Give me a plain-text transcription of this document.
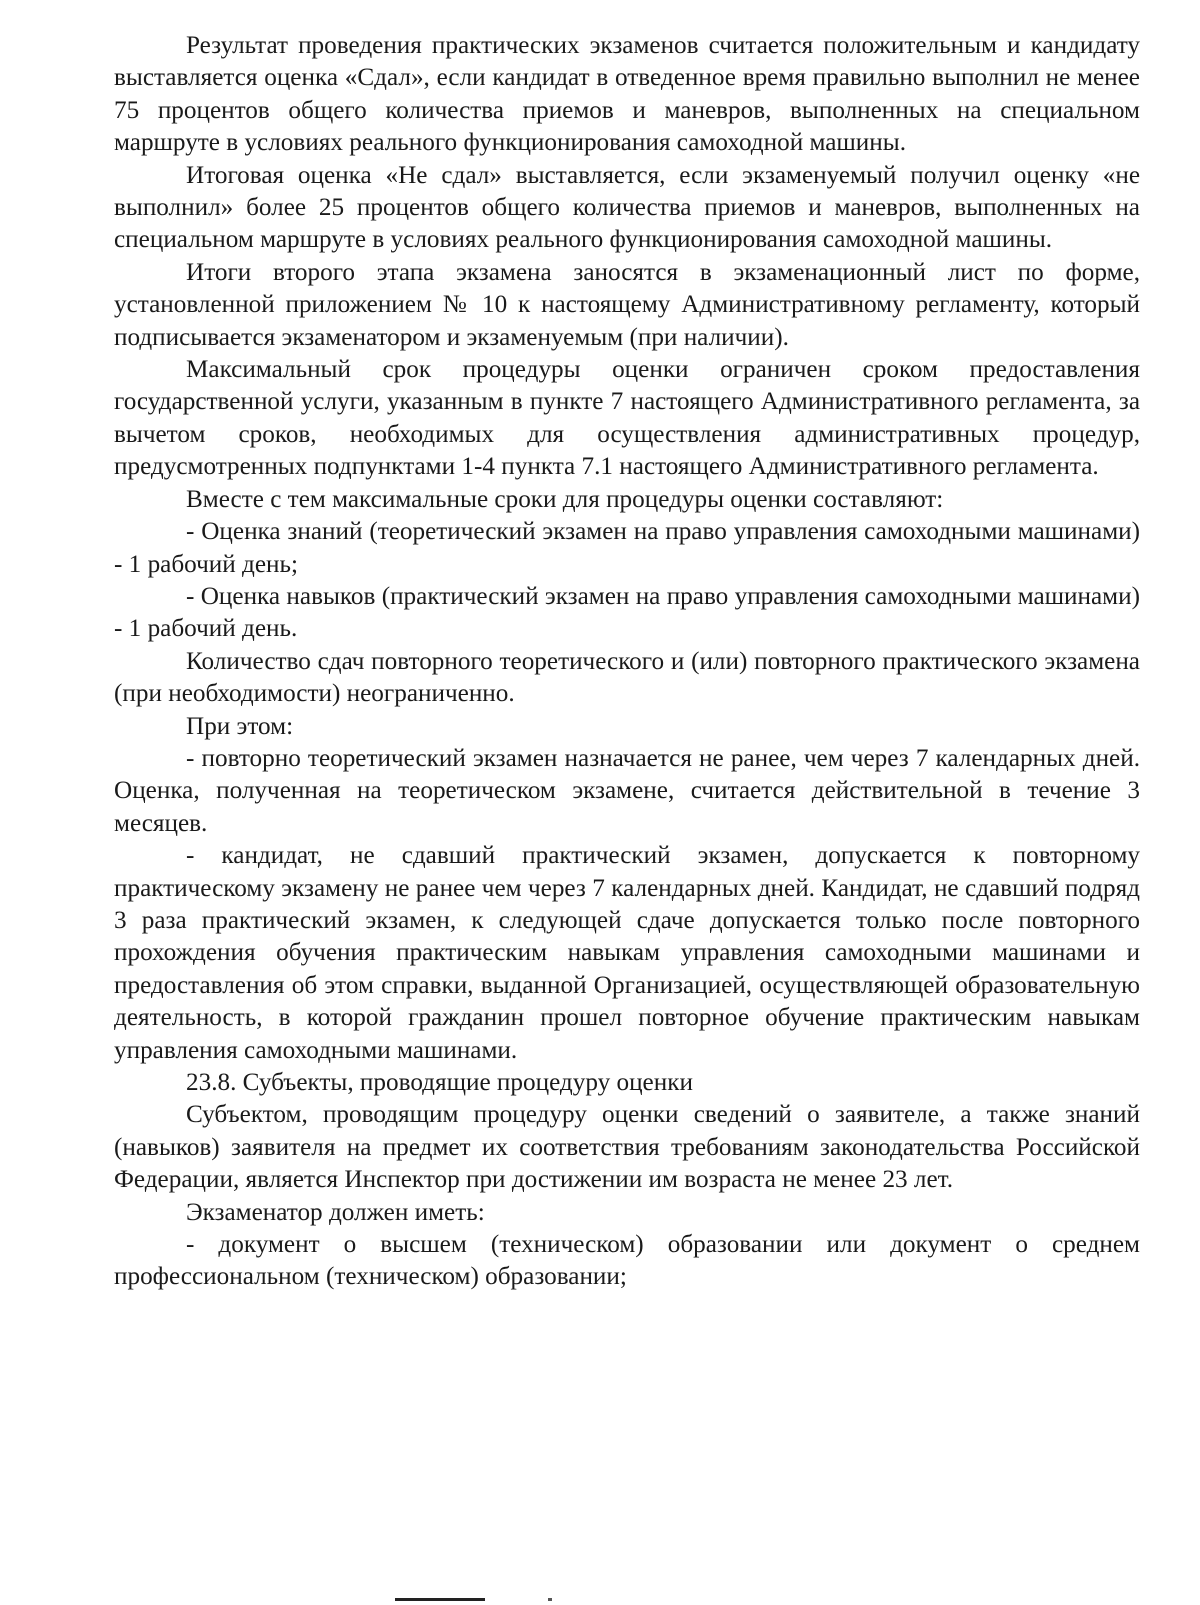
Результат проведения практических экзаменов считается положительным и кандидату выставляется оценка «Сдал», если кандидат в отведенное время правильно выполнил не менее 75 процентов общего количества приемов и маневров, выполненных на специальном маршруте в условиях реального функционирования самоходной машины.

Итоговая оценка «Не сдал» выставляется, если экзаменуемый получил оценку «не выполнил» более 25 процентов общего количества приемов и маневров, выполненных на специальном маршруте в условиях реального функционирования самоходной машины.

Итоги второго этапа экзамена заносятся в экзаменационный лист по форме, установленной приложением № 10 к настоящему Административному регламенту, который подписывается экзаменатором и экзаменуемым (при наличии).

Максимальный срок процедуры оценки ограничен сроком предоставления государственной услуги, указанным в пункте 7 настоящего Административного регламента, за вычетом сроков, необходимых для осуществления административных процедур, предусмотренных подпунктами 1-4 пункта 7.1 настоящего Административного регламента.

Вместе с тем максимальные сроки для процедуры оценки составляют:

- Оценка знаний (теоретический экзамен на право управления самоходными машинами) - 1 рабочий день;

- Оценка навыков (практический экзамен на право управления самоходными машинами) - 1 рабочий день.

Количество сдач повторного теоретического и (или) повторного практического экзамена (при необходимости) неограниченно.

При этом:

- повторно теоретический экзамен назначается не ранее, чем через 7 календарных дней. Оценка, полученная на теоретическом экзамене, считается действительной в течение 3 месяцев.

- кандидат, не сдавший практический экзамен, допускается к повторному практическому экзамену не ранее чем через 7 календарных дней. Кандидат, не сдавший подряд 3 раза практический экзамен, к следующей сдаче допускается только после повторного прохождения обучения практическим навыкам управления самоходными машинами и предоставления об этом справки, выданной Организацией, осуществляющей образовательную деятельность, в которой гражданин прошел повторное обучение практическим навыкам управления самоходными машинами.

23.8. Субъекты, проводящие процедуру оценки

Субъектом, проводящим процедуру оценки сведений о заявителе, а также знаний (навыков) заявителя на предмет их соответствия требованиям законодательства Российской Федерации, является Инспектор при достижении им возраста не менее 23 лет.

Экзаменатор должен иметь:

- документ о высшем (техническом) образовании или документ о среднем профессиональном (техническом) образовании;
